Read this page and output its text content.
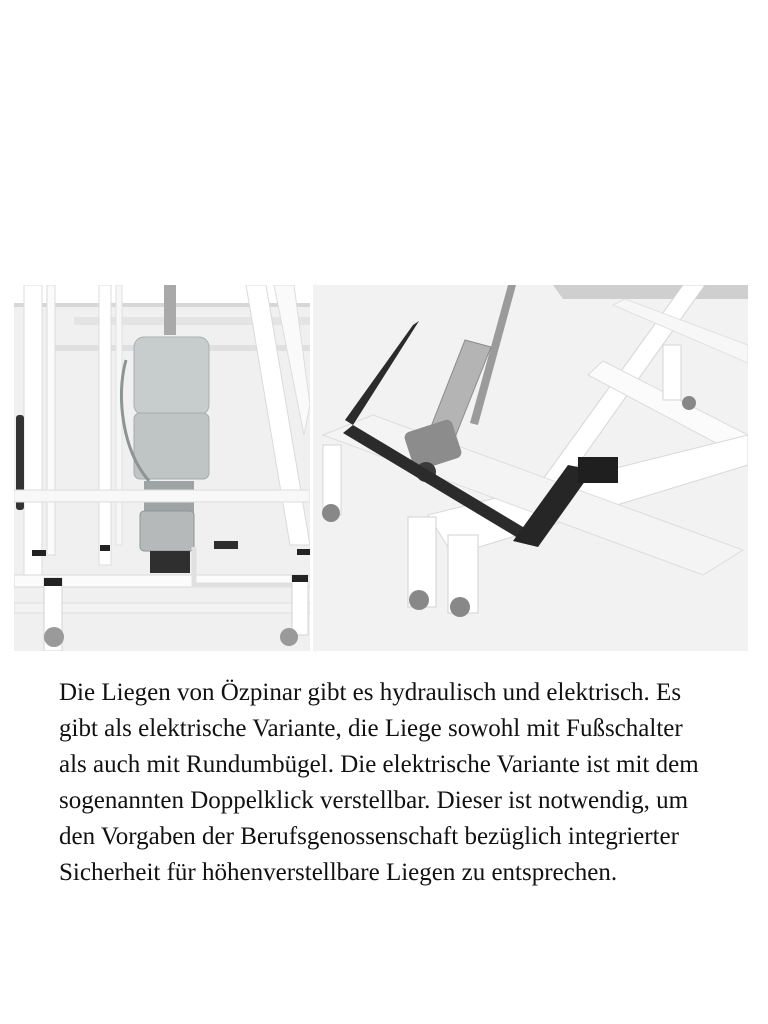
Die Liegen von Özpinar gibt es hydraulisch und elektrisch. Es gibt als elektrische Variante, die Liege sowohl mit Fußschalter als auch mit Rundumbügel. Die elektrische Variante ist mit dem sogenannten Doppelklick verstellbar. Dieser ist notwendig, um den Vorgaben der Berufsgenossenschaft bezüglich integrierter Sicherheit für höhenverstellbare Liegen zu entsprechen.
